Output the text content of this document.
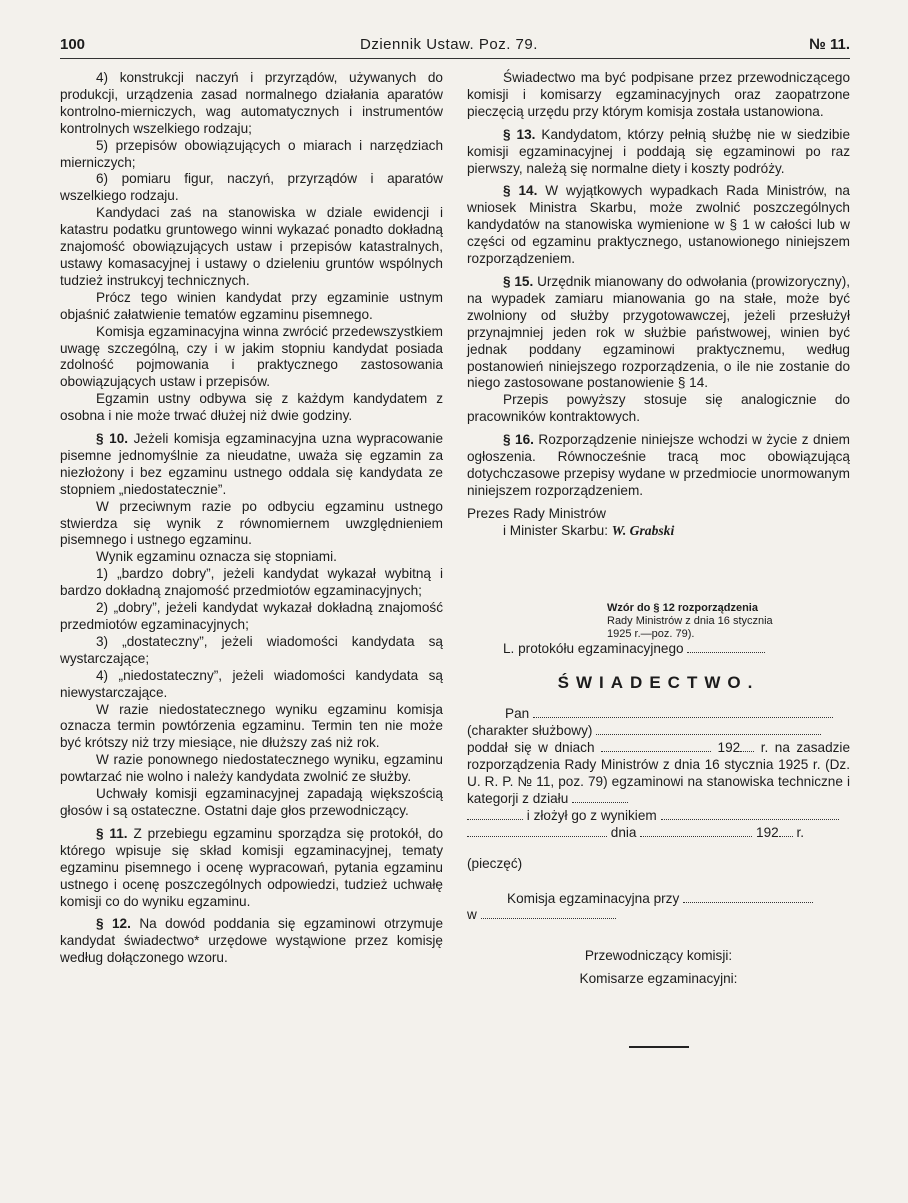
100	Dziennik Ustaw. Poz. 79.	№ 11.

4) konstrukcji naczyń i przyrządów, używanych do produkcji, urządzenia zasad normalnego działania aparatów kontrolno-mierniczych, wag automatycznych i instrumentów kontrolnych wszelkiego rodzaju;

5) przepisów obowiązujących o miarach i narzędziach mierniczych;

6) pomiaru figur, naczyń, przyrządów i aparatów wszelkiego rodzaju.

Kandydaci zaś na stanowiska w dziale ewidencji i katastru podatku gruntowego winni wykazać ponadto dokładną znajomość obowiązujących ustaw i przepisów katastralnych, ustawy komasacyjnej i ustawy o dzieleniu gruntów wspólnych tudzież instrukcyj technicznych.

Prócz tego winien kandydat przy egzaminie ustnym objaśnić załatwienie tematów egzaminu pisemnego.

Komisja egzaminacyjna winna zwrócić przedewszystkiem uwagę szczególną, czy i w jakim stopniu kandydat posiada zdolność pojmowania i praktycznego zastosowania obowiązujących ustaw i przepisów.

Egzamin ustny odbywa się z każdym kandydatem z osobna i nie może trwać dłużej niż dwie godziny.

§ 10. Jeżeli komisja egzaminacyjna uzna wypracowanie pisemne jednomyślnie za nieudatne, uważa się egzamin za niezłożony i bez egzaminu ustnego oddala się kandydata ze stopniem „niedostatecznie”.

W przeciwnym razie po odbyciu egzaminu ustnego stwierdza się wynik z równomiernem uwzględnieniem pisemnego i ustnego egzaminu.

Wynik egzaminu oznacza się stopniami.

1) „bardzo dobry”, jeżeli kandydat wykazał wybitną i bardzo dokładną znajomość przedmiotów egzaminacyjnych;

2) „dobry”, jeżeli kandydat wykazał dokładną znajomość przedmiotów egzaminacyjnych;

3) „dostateczny”, jeżeli wiadomości kandydata są wystarczające;

4) „niedostateczny”, jeżeli wiadomości kandydata są niewystarczające.

W razie niedostatecznego wyniku egzaminu komisja oznacza termin powtórzenia egzaminu. Termin ten nie może być krótszy niż trzy miesiące, nie dłuższy zaś niż rok.

W razie ponownego niedostatecznego wyniku, egzaminu powtarzać nie wolno i należy kandydata zwolnić ze służby.

Uchwały komisji egzaminacyjnej zapadają większością głosów i są ostateczne. Ostatni daje głos przewodniczący.

§ 11. Z przebiegu egzaminu sporządza się protokół, do którego wpisuje się skład komisji egzaminacyjnej, tematy egzaminu pisemnego i ocenę wypracowań, pytania egzaminu ustnego i ocenę poszczególnych odpowiedzi, tudzież uchwałę komisji co do wyniku egzaminu.

§ 12. Na dowód poddania się egzaminowi otrzymuje kandydat świadectwo* urzędowe wystąwione przez komisję według dołączonego wzoru.

Świadectwo ma być podpisane przez przewodniczącego komisji i komisarzy egzaminacyjnych oraz zaopatrzone pieczęcią urzędu przy którym komisja została ustanowiona.

§ 13. Kandydatom, którzy pełnią służbę nie w siedzibie komisji egzaminacyjnej i poddają się egzaminowi po raz pierwszy, należą się normalne diety i koszty podróży.

§ 14. W wyjątkowych wypadkach Rada Ministrów, na wniosek Ministra Skarbu, może zwolnić poszczególnych kandydatów na stanowiska wymienione w § 1 w całości lub w części od egzaminu praktycznego, ustanowionego niniejszem rozporządzeniem.

§ 15. Urzędnik mianowany do odwołania (prowizoryczny), na wypadek zamiaru mianowania go na stałe, może być zwolniony od służby przygotowawczej, jeżeli przesłużył przynajmniej jeden rok w służbie państwowej, winien być jednak poddany egzaminowi praktycznemu, według postanowień niniejszego rozporządzenia, o ile nie zostanie do niego zastosowane postanowienie § 14.

Przepis powyższy stosuje się analogicznie do pracowników kontraktowych.

§ 16. Rozporządzenie niniejsze wchodzi w życie z dniem ogłoszenia. Równocześnie tracą moc obowiązującą dotychczasowe przepisy wydane w przedmiocie unormowanym niniejszem rozporządzeniem.

Prezes Rady Ministrów
i Minister Skarbu: W. Grabski
Wzór do § 12 rozporządzenia
Rady Ministrów z dnia 16 stycznia
1925 r.—poz. 79).

L. protokółu egzaminacyjnego

ŚWIADECTWO.
Pan
(charakter służbowy)

poddał się w dniach	192 r. na zasadzie rozporządzenia Rady Ministrów z dnia 16 stycznia 1925 r. (Dz. U. R. P. № 11, poz. 79) egzaminowi na stanowiska techniczne i kategorji z działu

i złożył go z wynikiem
dnia	192 r.
(pieczęć)
Komisja egzaminacyjna przy
w
Przewodniczący komisji:
Komisarze egzaminacyjni:
